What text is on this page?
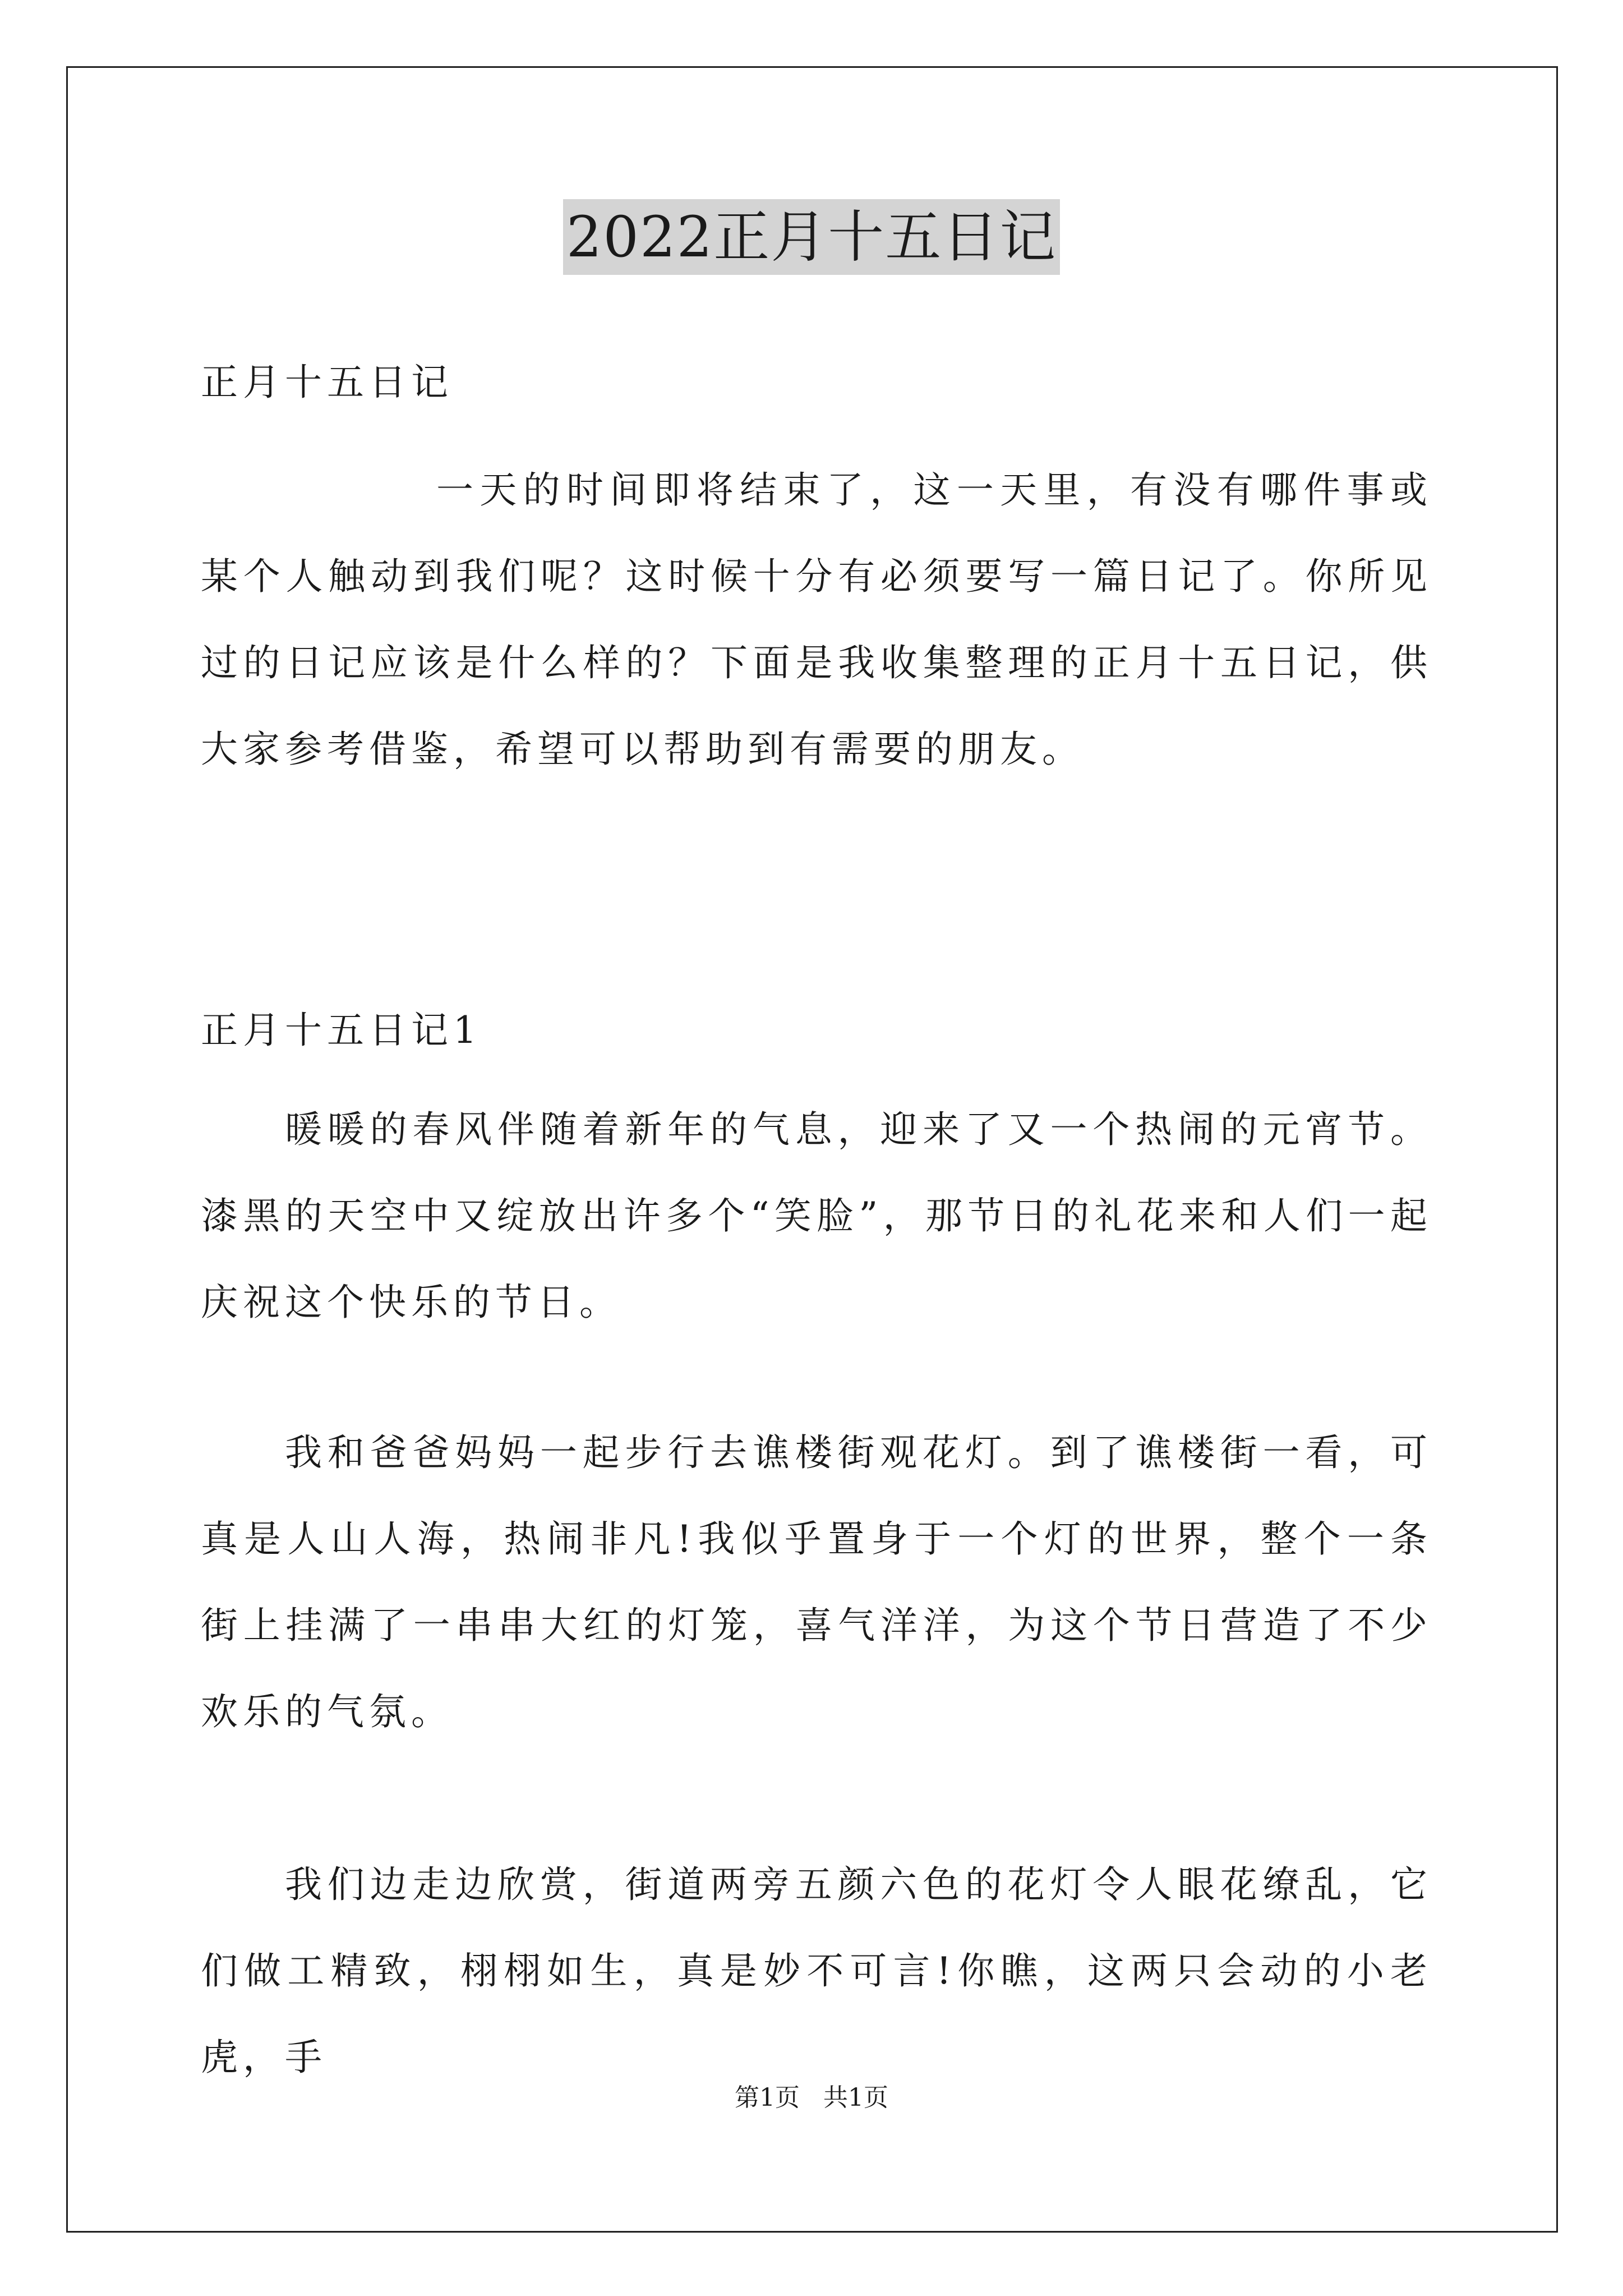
2022正月十五日记
正月十五日记
一天的时间即将结束了，这一天里，有没有哪件事或某个人触动到我们呢？这时候十分有必须要写一篇日记了。你所见过的日记应该是什么样的？下面是我收集整理的正月十五日记，供大家参考借鉴，希望可以帮助到有需要的朋友。
正月十五日记1
暖暖的春风伴随着新年的气息，迎来了又一个热闹的元宵节。漆黑的天空中又绽放出许多个“笑脸”，那节日的礼花来和人们一起庆祝这个快乐的节日。
我和爸爸妈妈一起步行去谯楼街观花灯。到了谯楼街一看，可真是人山人海，热闹非凡!我似乎置身于一个灯的世界，整个一条街上挂满了一串串大红的灯笼，喜气洋洋，为这个节日营造了不少欢乐的气氛。
我们边走边欣赏，街道两旁五颜六色的花灯令人眼花缭乱，它们做工精致，栩栩如生，真是妙不可言!你瞧，这两只会动的小老虎，手
第1页   共1页
